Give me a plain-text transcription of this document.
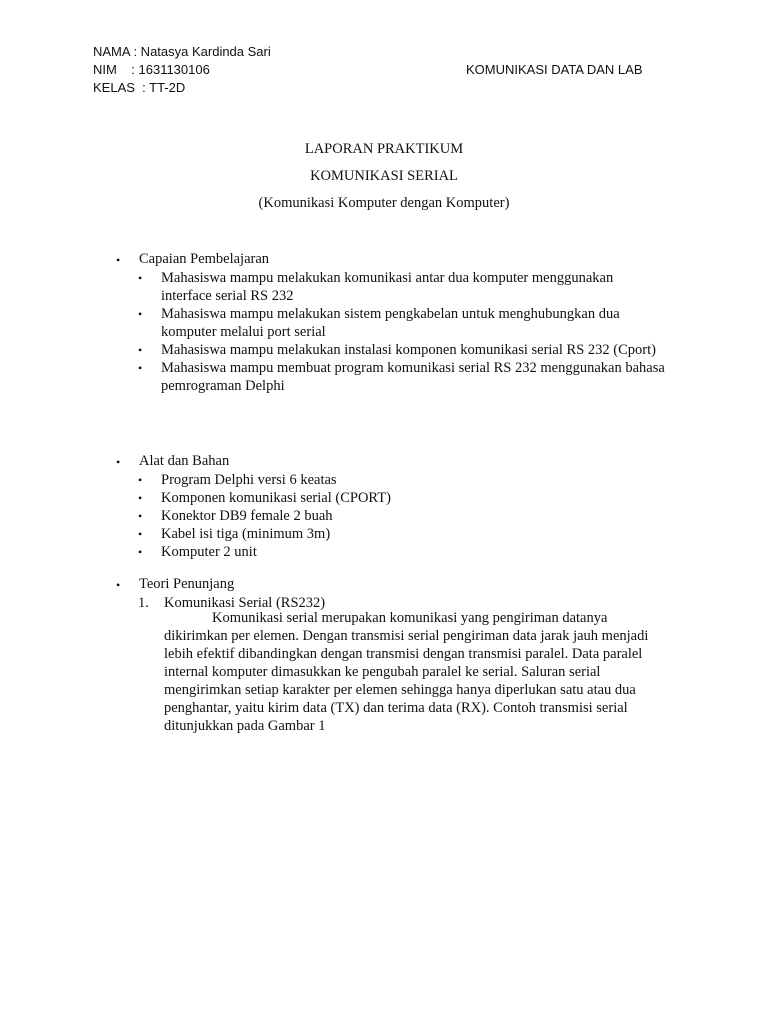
NAMA : Natasya Kardinda Sari
NIM    : 1631130106
KELAS  : TT-2D
KOMUNIKASI DATA DAN LAB
LAPORAN PRAKTIKUM
KOMUNIKASI SERIAL
(Komunikasi Komputer dengan Komputer)
•	Capaian Pembelajaran
•	Mahasiswa mampu melakukan komunikasi antar dua komputer menggunakan interface serial RS 232
•	Mahasiswa mampu melakukan sistem pengkabelan untuk menghubungkan dua komputer melalui port serial
•	Mahasiswa mampu melakukan instalasi komponen komunikasi serial RS 232 (Cport)
•	Mahasiswa mampu membuat program komunikasi serial RS 232 menggunakan bahasa pemrograman Delphi
•	Alat dan Bahan
•	Program Delphi versi 6 keatas
•	Komponen komunikasi serial (CPORT)
•	Konektor DB9 female 2 buah
•	Kabel isi tiga (minimum 3m)
•	Komputer 2 unit
•	Teori Penunjang
1.	Komunikasi Serial (RS232)
Komunikasi serial merupakan komunikasi yang pengiriman datanya dikirimkan per elemen. Dengan transmisi serial pengiriman data jarak jauh menjadi lebih efektif dibandingkan dengan transmisi dengan transmisi paralel. Data paralel internal komputer dimasukkan ke pengubah paralel ke serial. Saluran serial mengirimkan setiap karakter per elemen sehingga hanya diperlukan satu atau dua penghantar, yaitu kirim data (TX) dan terima data (RX). Contoh transmisi serial ditunjukkan pada Gambar 1
